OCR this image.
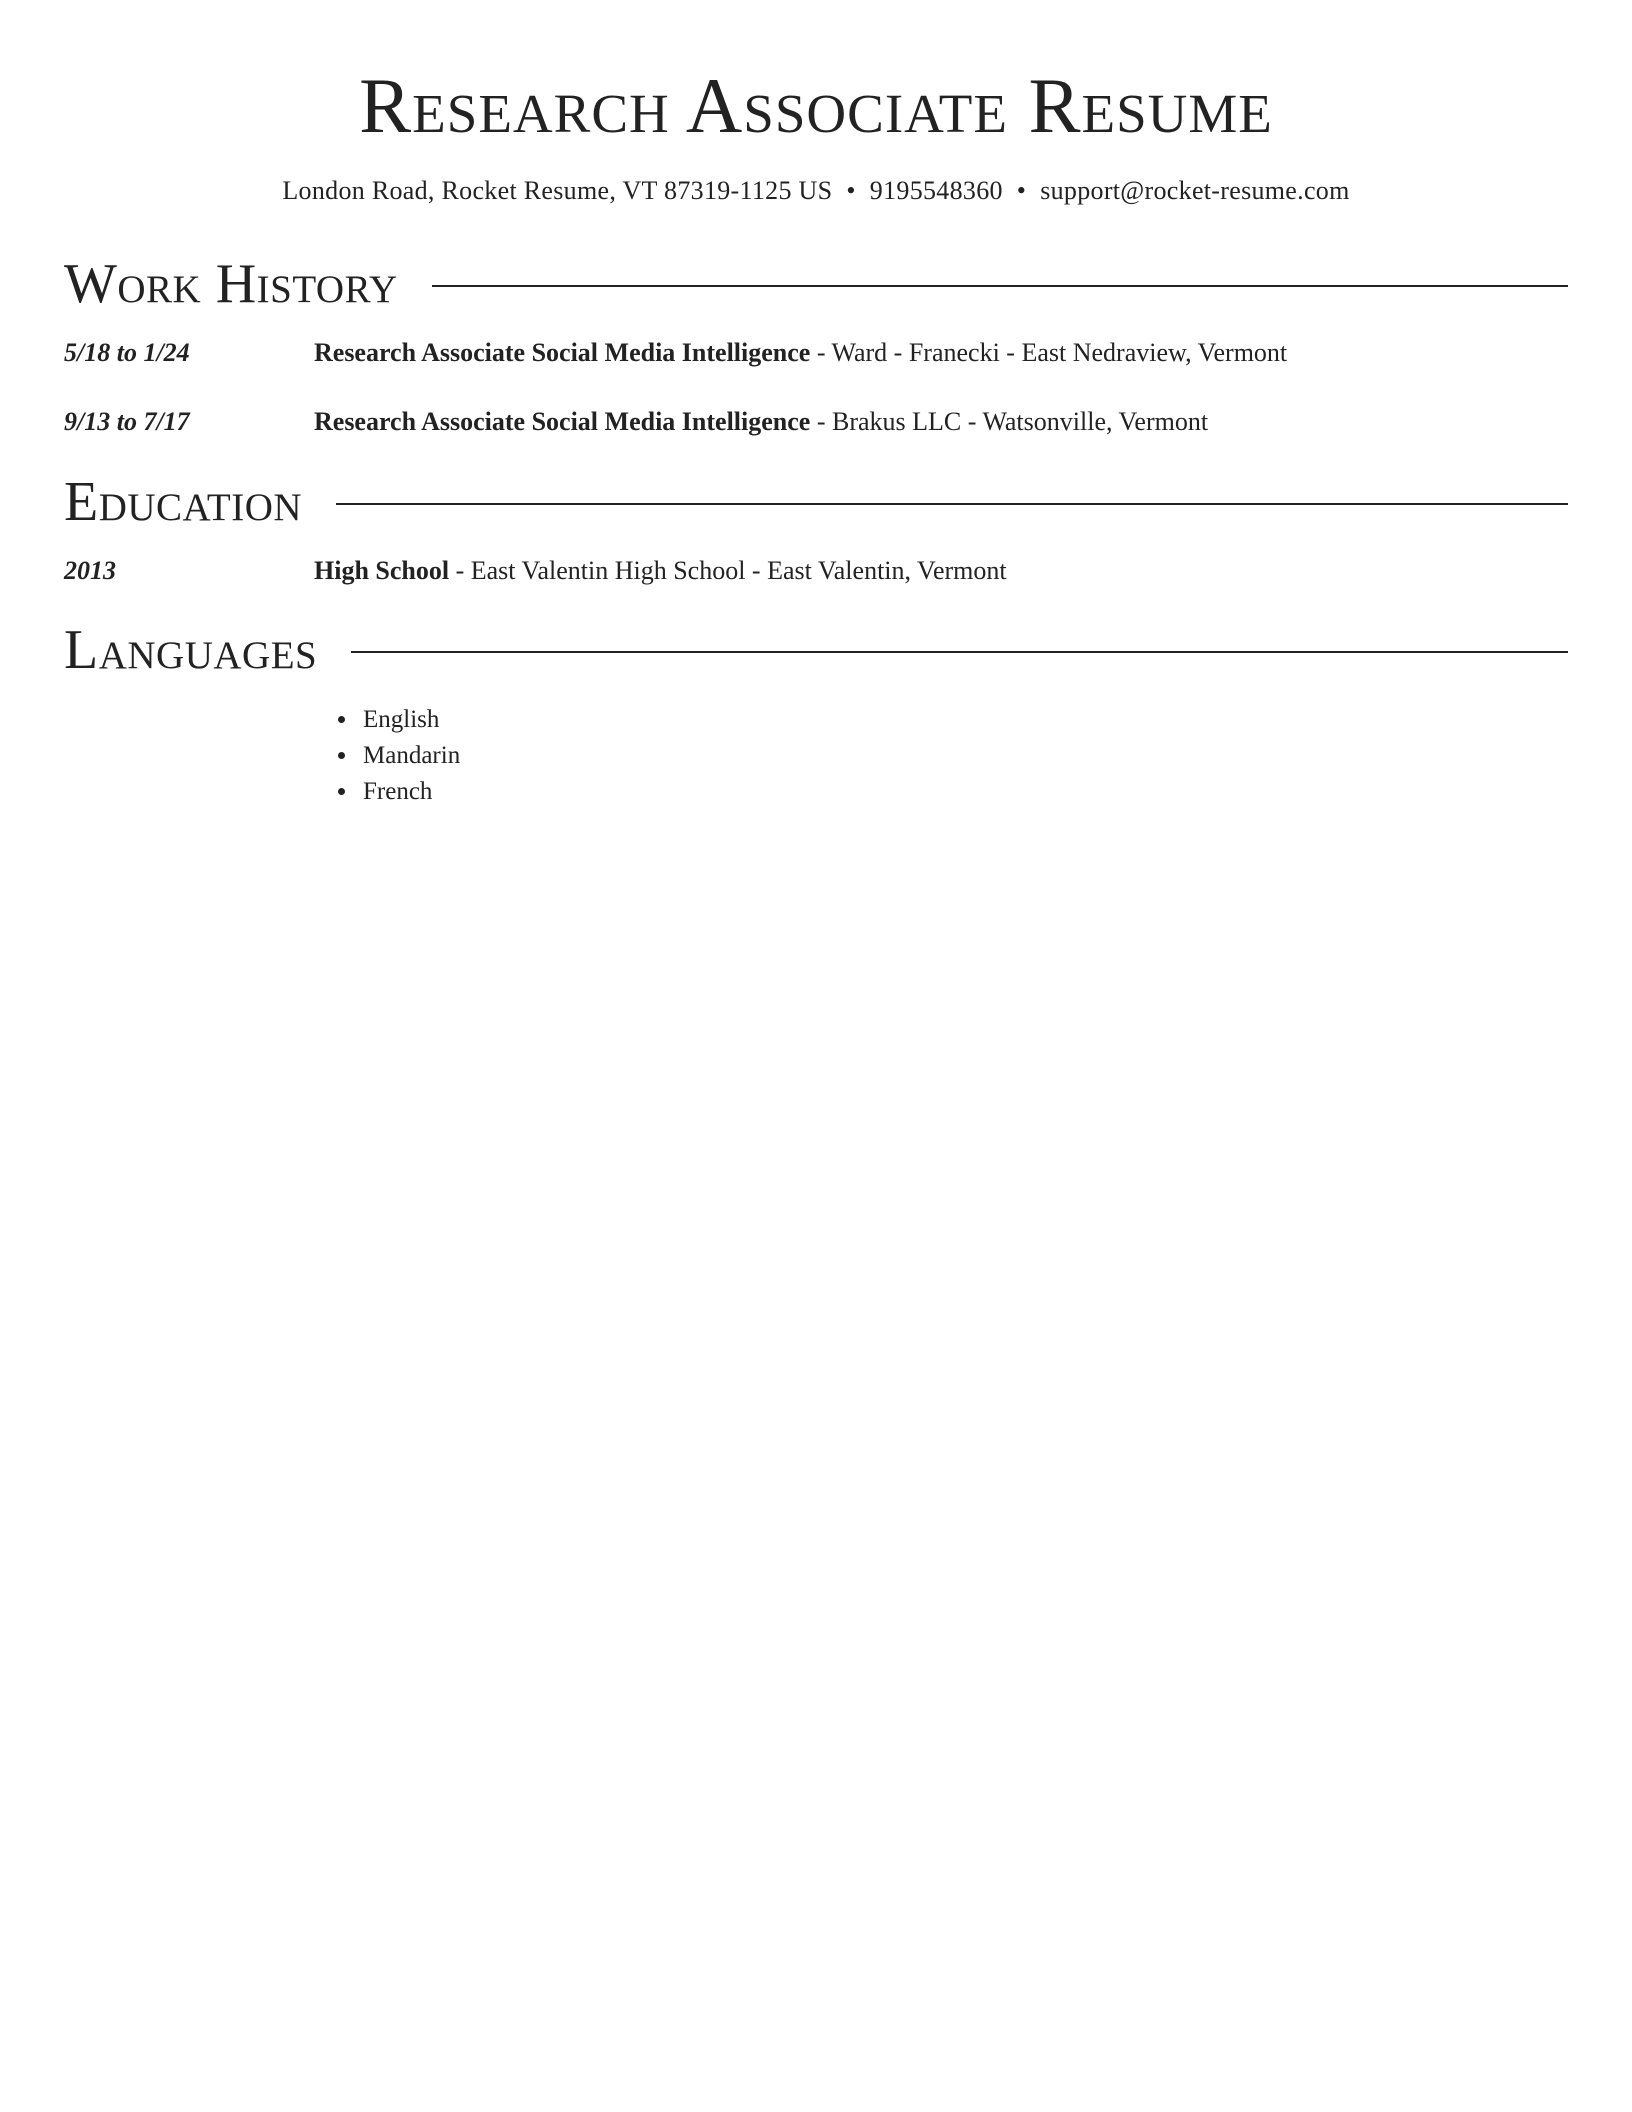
Research Associate Resume
London Road, Rocket Resume, VT 87319-1125 US • 9195548360 • support@rocket-resume.com
Work History
5/18 to 1/24	Research Associate Social Media Intelligence - Ward - Franecki - East Nedraview, Vermont
9/13 to 7/17	Research Associate Social Media Intelligence - Brakus LLC - Watsonville, Vermont
Education
2013	High School - East Valentin High School - East Valentin, Vermont
Languages
• English
• Mandarin
• French
